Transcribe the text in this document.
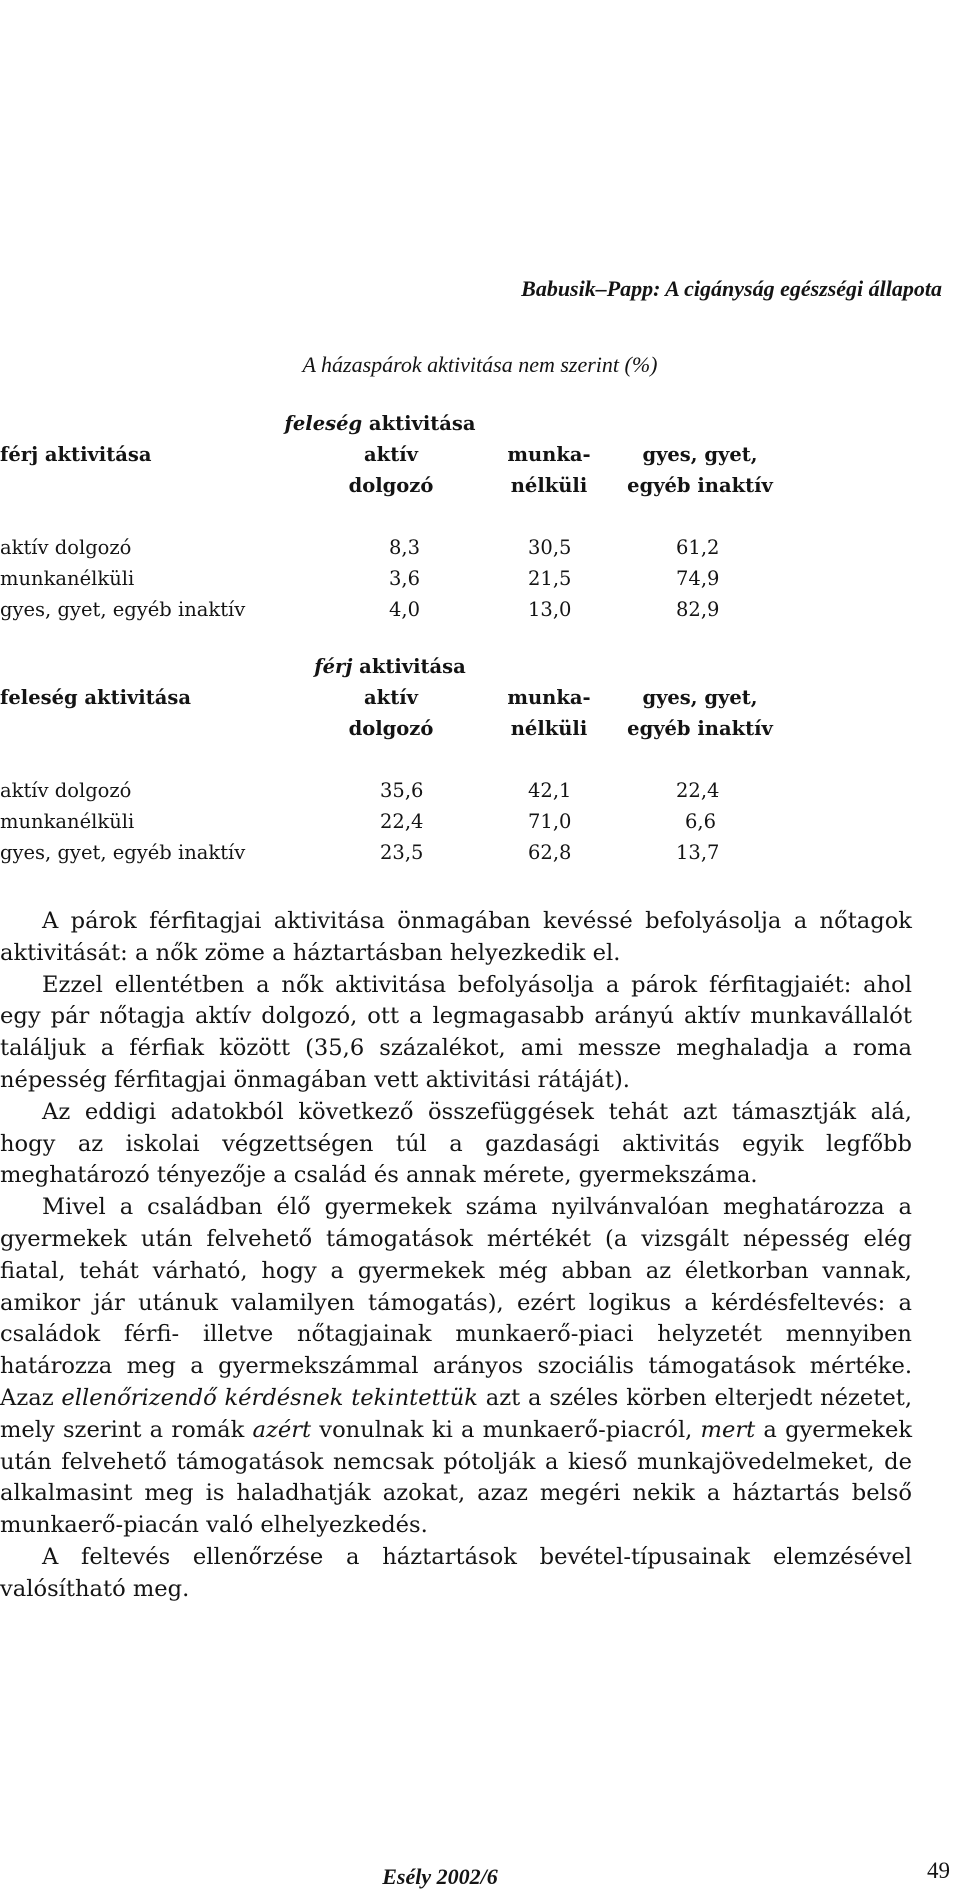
Babusik–Papp: A cigányság egészségi állapota
A házaspárok aktivitása nem szerint (%)
feleség aktivitása
férj aktivitása	aktív	munka-	gyes, gyet,
dolgozó	nélküli	egyéb inaktív
aktív dolgozó	8,3	30,5	61,2
munkanélküli	3,6	21,5	74,9
gyes, gyet, egyéb inaktív	4,0	13,0	82,9
férj aktivitása
feleség aktivitása	aktív	munka-	gyes, gyet,
dolgozó	nélküli	egyéb inaktív
aktív dolgozó	35,6	42,1	22,4
munkanélküli	22,4	71,0	6,6
gyes, gyet, egyéb inaktív	23,5	62,8	13,7

A párok férfitagjai aktivitása önmagában kevéssé befolyásolja a nőtagok aktivitását: a nők zöme a háztartásban helyezkedik el.

Ezzel ellentétben a nők aktivitása befolyásolja a párok férfitagjaiét: ahol egy pár nőtagja aktív dolgozó, ott a legmagasabb arányú aktív munkavállalót találjuk a férfiak között (35,6 százalékot, ami messze meghaladja a roma népesség férfitagjai önmagában vett aktivitási rátáját).

Az eddigi adatokból következő összefüggések tehát azt támasztják alá, hogy az iskolai végzettségen túl a gazdasági aktivitás egyik legfőbb meghatározó tényezője a család és annak mérete, gyermekszáma.

Mivel a családban élő gyermekek száma nyilvánvalóan meghatározza a gyermekek után felvehető támogatások mértékét (a vizsgált népesség elég fiatal, tehát várható, hogy a gyermekek még abban az életkorban vannak, amikor jár utánuk valamilyen támogatás), ezért logikus a kérdésfeltevés: a családok férfi- illetve nőtagjainak munkaerő-piaci helyzetét mennyiben határozza meg a gyermekszámmal arányos szociális támogatások mértéke. Azaz ellenőrizendő kérdésnek tekintettük azt a széles körben elterjedt nézetet, mely szerint a romák azért vonulnak ki a munkaerő-piacról, mert a gyermekek után felvehető támogatások nemcsak pótolják a kieső munkajövedelmeket, de alkalmasint meg is haladhatják azokat, azaz megéri nekik a háztartás belső munkaerő-piacán való elhelyezkedés.

A feltevés ellenőrzése a háztartások bevétel-típusainak elemzésével valósítható meg.

Esély 2002/6	49
